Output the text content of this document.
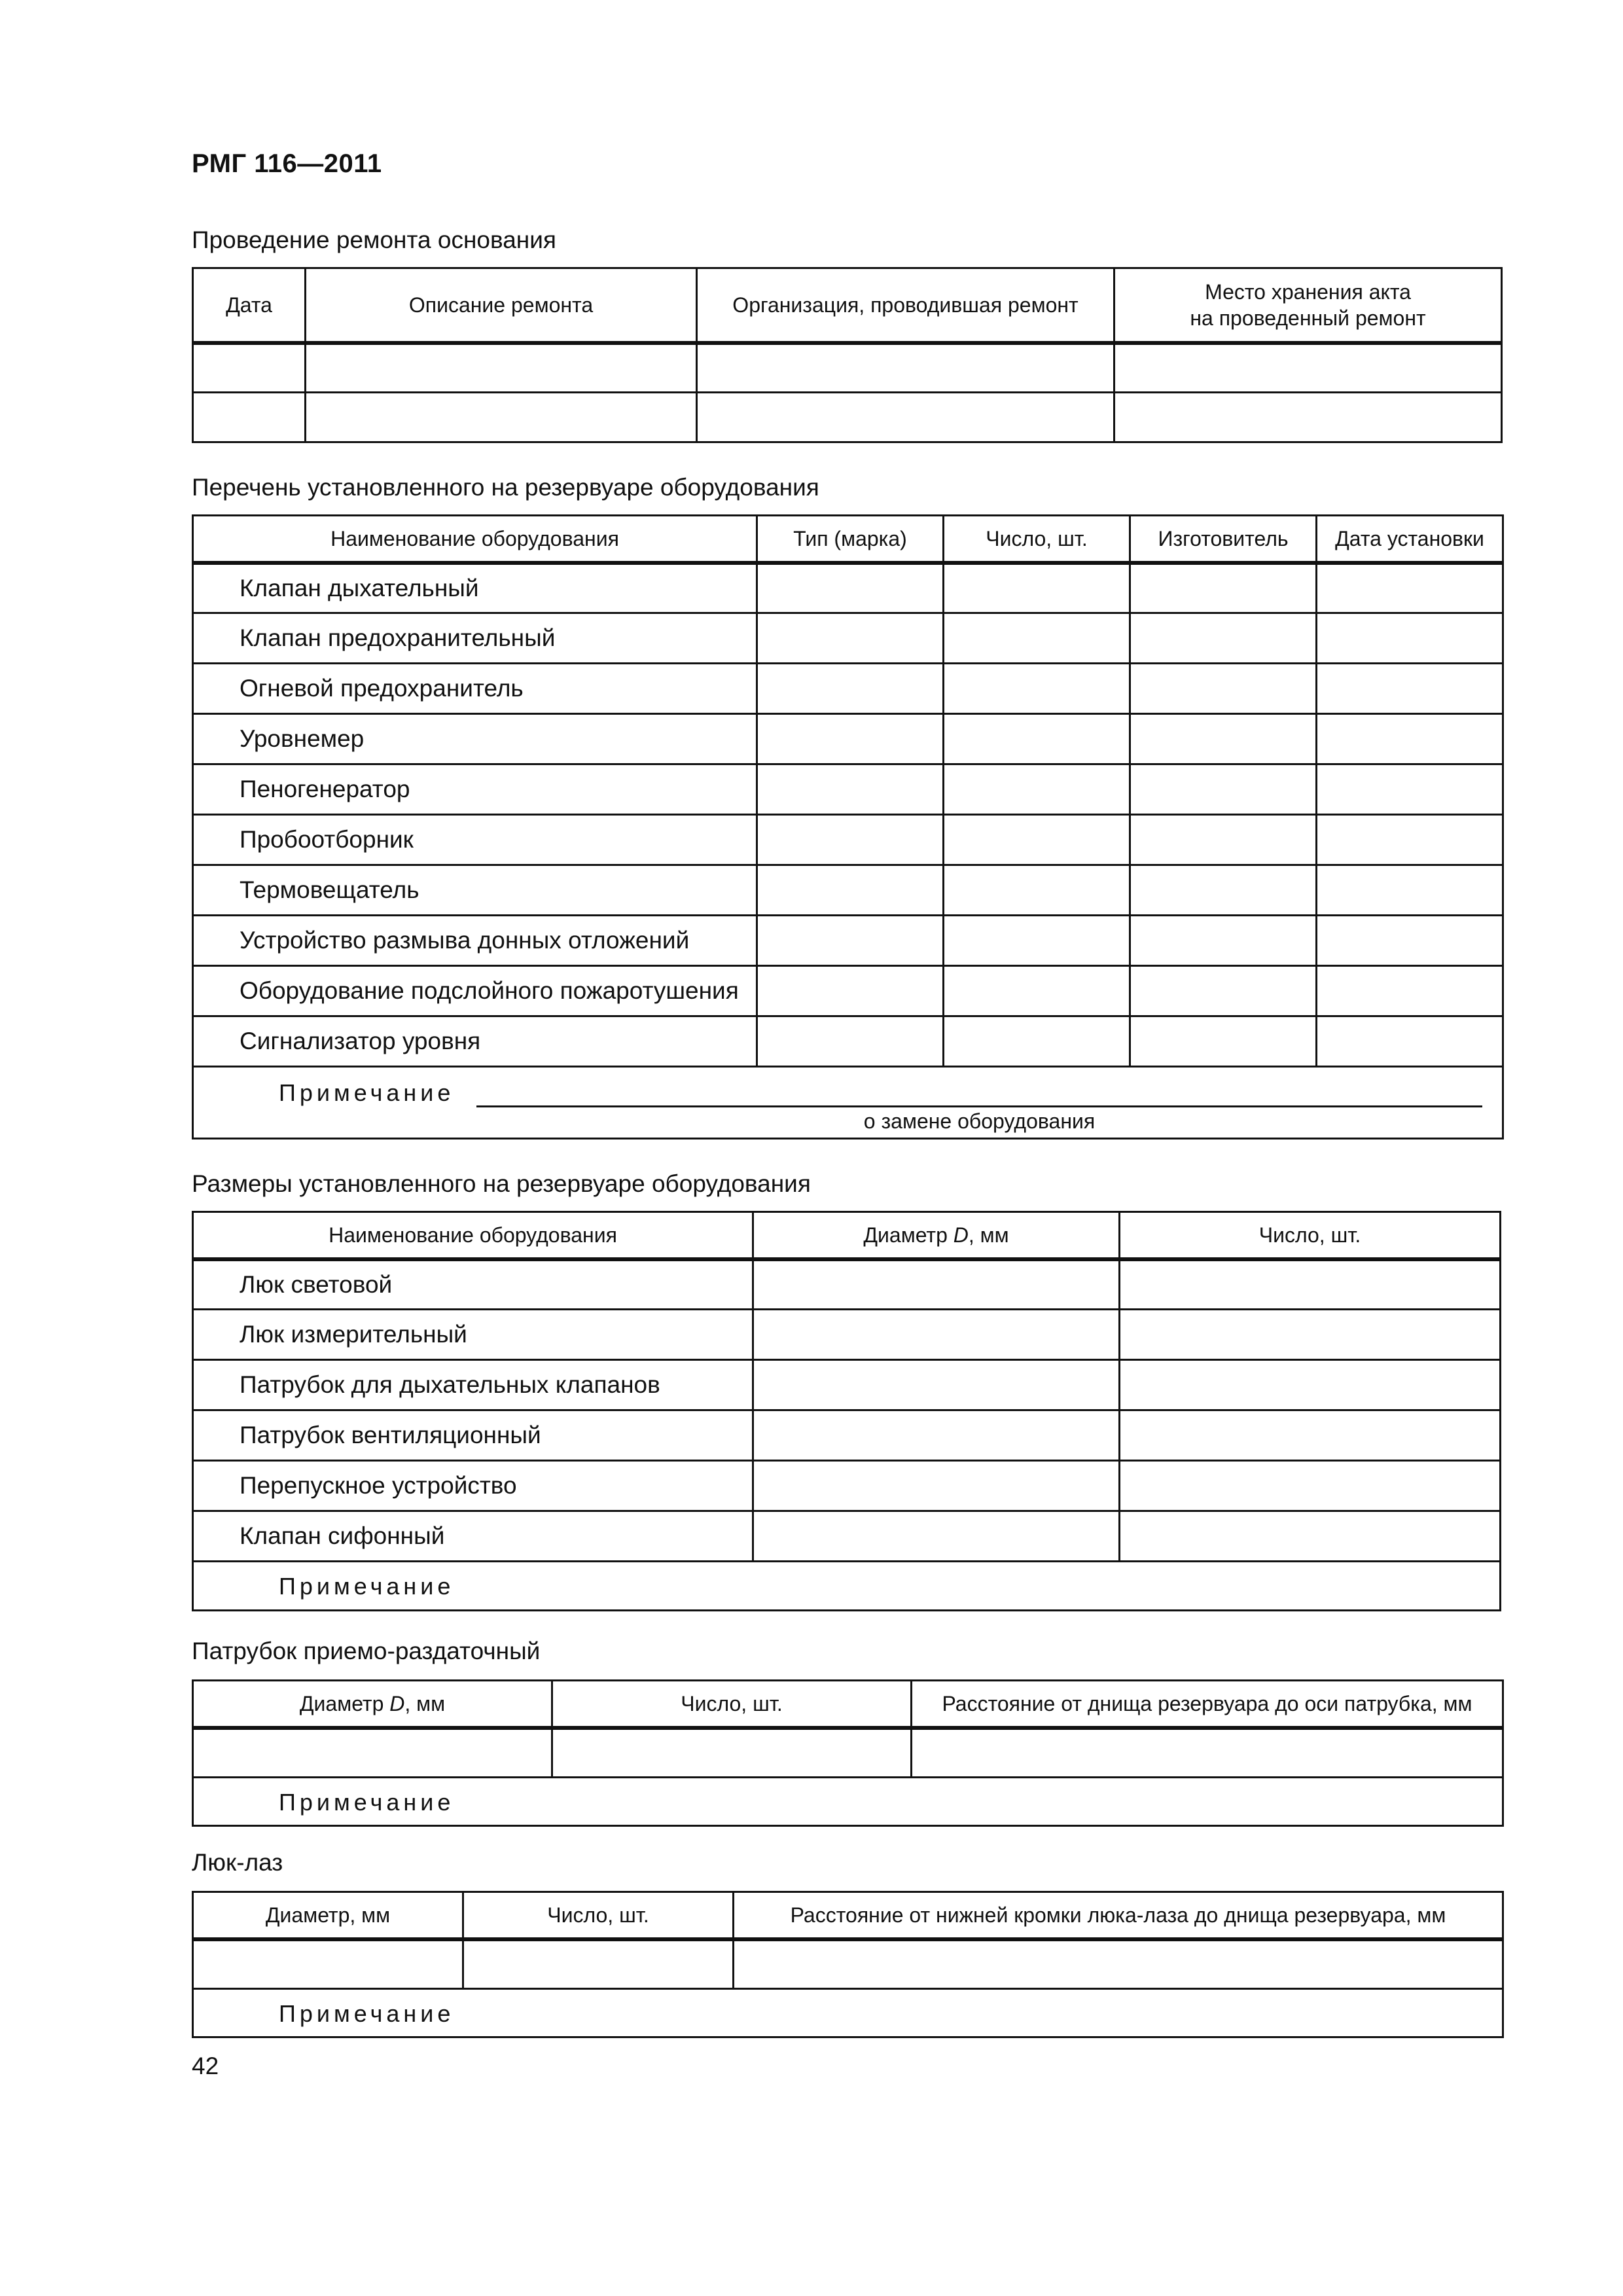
РМГ 116—2011
Проведение ремонта основания
Дата	Описание ремонта	Организация, проводившая ремонт	Место хранения акта
на проведенный ремонт

Перечень установленного на резервуаре оборудования
Наименование оборудования	Тип (марка)	Число, шт.	Изготовитель	Дата установки
Клапан дыхательный				
Клапан предохранительный				
Огневой предохранитель				
Уровнемер				
Пеногенератор				
Пробоотборник				
Термовещатель				
Устройство размыва донных отложений				
Оборудование подслойного пожаротушения				
Сигнализатор уровня				

Примечание
о замене оборудования				
Размеры установленного на резервуаре оборудования
Наименование оборудования	Диаметр D, мм	Число, шт.
Люк световой		
Люк измерительный		
Патрубок для дыхательных клапанов		
Патрубок вентиляционный		
Перепускное устройство		
Клапан сифонный		

Примечание		
Патрубок приемо-раздаточный
Диаметр D, мм	Число, шт.	Расстояние от днища резервуара до оси патрубка, мм

Примечание		
Люк-лаз
Диаметр, мм	Число, шт.	Расстояние от нижней кромки люка-лаза до днища резервуара, мм

Примечание		
42
